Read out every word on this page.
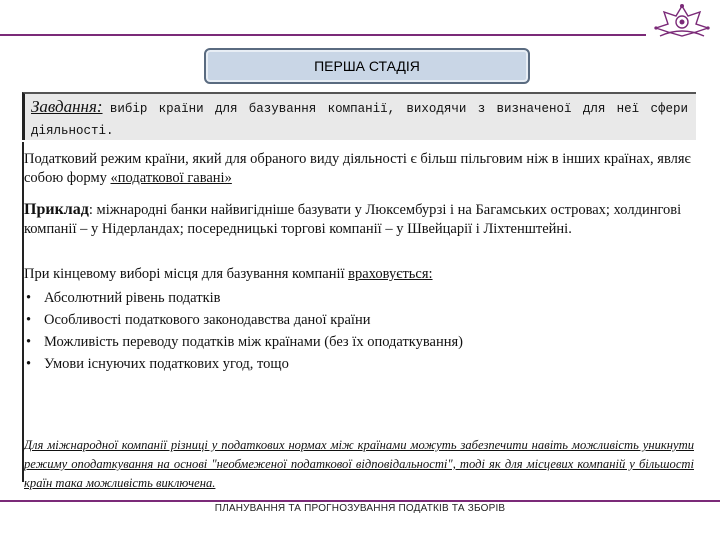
ПЕРША СТАДІЯ
Завдання: вибір країни для базування компанії, виходячи з визначеної для неї сфери діяльності.

Податковий режим країни, який для обраного виду діяльності є більш пільговим ніж в інших країнах, являє собою форму «податкової гавані»

Приклад: міжнародні банки найвигідніше базувати у Люксембурзі і на Багамських островах; холдингові компанії – у Нідерландах; посередницькі торгові компанії – у Швейцарії і Ліхтенштейні.

При кінцевому виборі місця для базування компанії враховується:

• Абсолютний рівень податків
• Особливості податкового законодавства даної країни
• Можливість переводу податків між країнами (без їх оподаткування)
• Умови існуючих податкових угод, тощо
Для міжнародної компанії різниці у податкових нормах між країнами можуть забезпечити навіть можливість уникнути режиму оподаткування на основі "необмеженої податкової відповідальності", тоді як для місцевих компаній у більшості країн така можливість виключена.
ПЛАНУВАННЯ ТА ПРОГНОЗУВАННЯ ПОДАТКІВ ТА ЗБОРІВ
